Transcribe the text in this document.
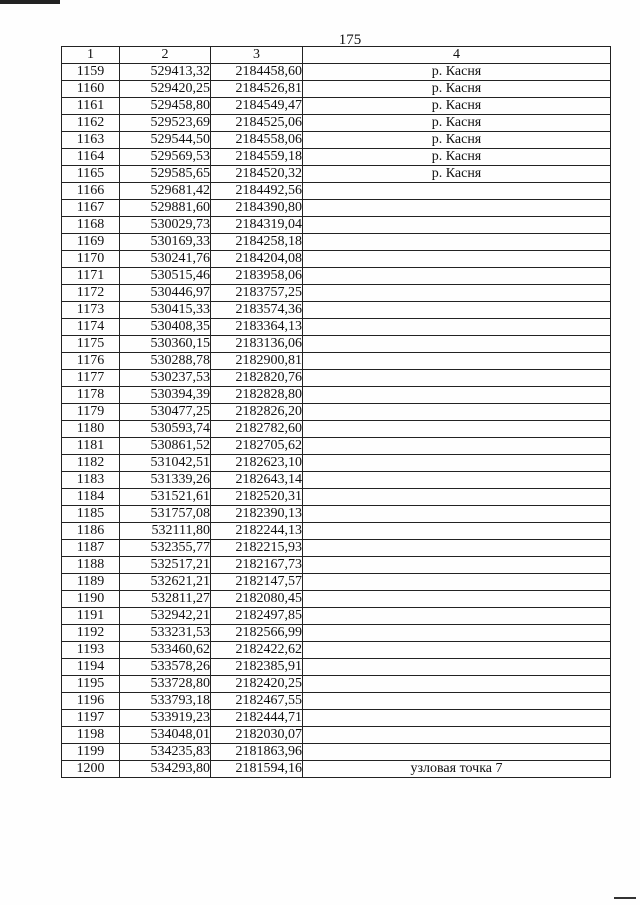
175
1	2	3	4
1159	529413,32	2184458,60	р. Касня
1160	529420,25	2184526,81	р. Касня
1161	529458,80	2184549,47	р. Касня
1162	529523,69	2184525,06	р. Касня
1163	529544,50	2184558,06	р. Касня
1164	529569,53	2184559,18	р. Касня
1165	529585,65	2184520,32	р. Касня
1166	529681,42	2184492,56	
1167	529881,60	2184390,80	
1168	530029,73	2184319,04	
1169	530169,33	2184258,18	
1170	530241,76	2184204,08	
1171	530515,46	2183958,06	
1172	530446,97	2183757,25	
1173	530415,33	2183574,36	
1174	530408,35	2183364,13	
1175	530360,15	2183136,06	
1176	530288,78	2182900,81	
1177	530237,53	2182820,76	
1178	530394,39	2182828,80	
1179	530477,25	2182826,20	
1180	530593,74	2182782,60	
1181	530861,52	2182705,62	
1182	531042,51	2182623,10	
1183	531339,26	2182643,14	
1184	531521,61	2182520,31	
1185	531757,08	2182390,13	
1186	532111,80	2182244,13	
1187	532355,77	2182215,93	
1188	532517,21	2182167,73	
1189	532621,21	2182147,57	
1190	532811,27	2182080,45	
1191	532942,21	2182497,85	
1192	533231,53	2182566,99	
1193	533460,62	2182422,62	
1194	533578,26	2182385,91	
1195	533728,80	2182420,25	
1196	533793,18	2182467,55	
1197	533919,23	2182444,71	
1198	534048,01	2182030,07	
1199	534235,83	2181863,96	
1200	534293,80	2181594,16	узловая точка 7
